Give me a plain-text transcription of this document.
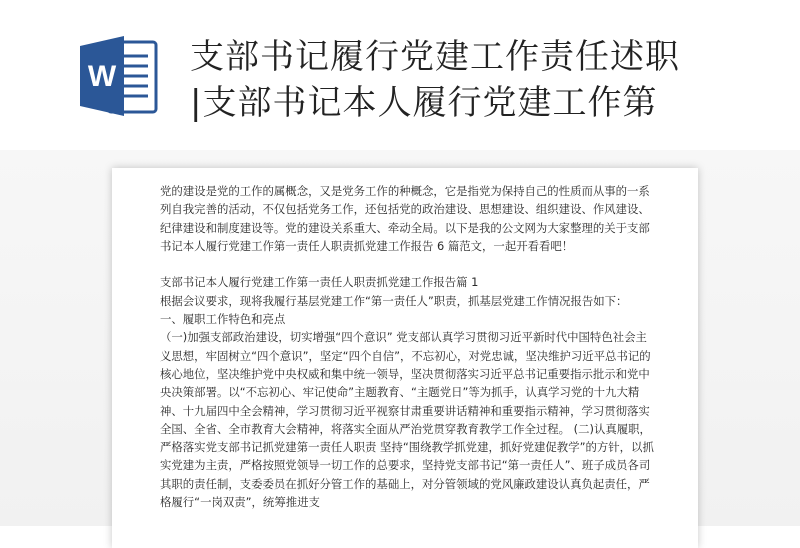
W 支部书记履行党建工作责任述职
|支部书记本人履行党建工作第

党的建设是党的工作的属概念，又是党务工作的种概念，它是指党为保持自己的性质而从事的一系列自我完善的活动，不仅包括党务工作，还包括党的政治建设、思想建设、组织建设、作风建设、纪律建设和制度建设等。党的建设关系重大、牵动全局。以下是我的公文网为大家整理的关于支部书记本人履行党建工作第一责任人职责抓党建工作报告 6 篇范文，一起开看看吧！

支部书记本人履行党建工作第一责任人职责抓党建工作报告篇 1

根据会议要求，现将我履行基层党建工作“第一责任人”职责，抓基层党建工作情况报告如下：

一、履职工作特色和亮点

（一)加强支部政治建设，切实增强“四个意识” 党支部认真学习贯彻习近平新时代中国特色社会主义思想，牢固树立“四个意识”，坚定“四个自信”，不忘初心，对党忠诚，坚决维护习近平总书记的核心地位，坚决维护党中央权威和集中统一领导，坚决贯彻落实习近平总书记重要指示批示和党中央决策部署。以“不忘初心、牢记使命”主题教育、“主题党日”等为抓手，认真学习党的十九大精神、十九届四中全会精神，学习贯彻习近平视察甘肃重要讲话精神和重要指示精神，学习贯彻落实全国、全省、全市教育大会精神，将落实全面从严治党贯穿教育教学工作全过程。 (二)认真履职，严格落实党支部书记抓党建第一责任人职责 坚持“围绕教学抓党建，抓好党建促教学”的方针，以抓实党建为主责，严格按照党领导一切工作的总要求，坚持党支部书记“第一责任人”、班子成员各司其职的责任制，支委委员在抓好分管工作的基础上，对分管领域的党风廉政建设认真负起责任，严格履行“一岗双责”，统筹推进支
